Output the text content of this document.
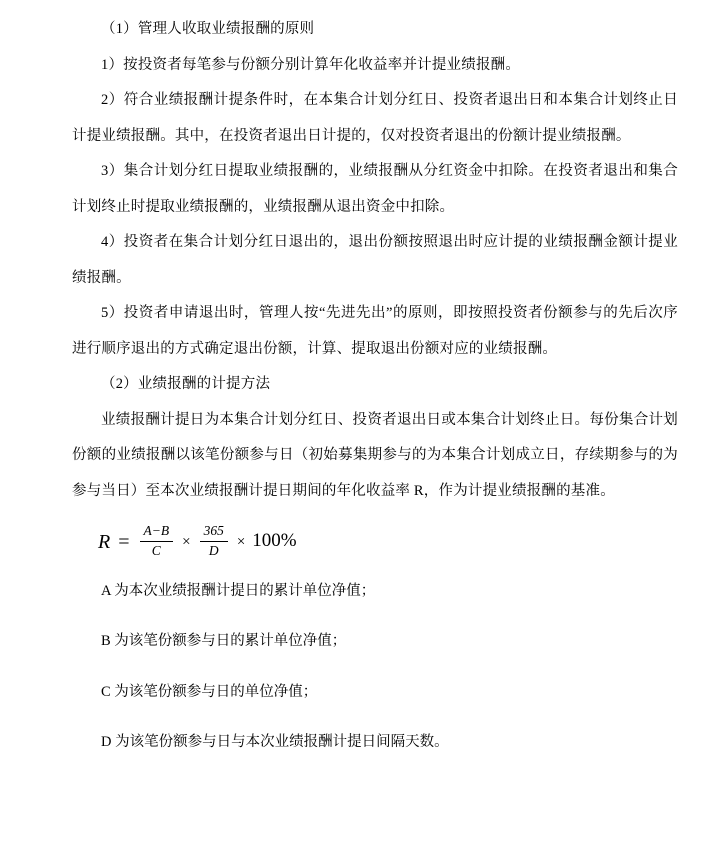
（1）管理人收取业绩报酬的原则

1）按投资者每笔参与份额分别计算年化收益率并计提业绩报酬。

2）符合业绩报酬计提条件时，在本集合计划分红日、投资者退出日和本集合计划终止日计提业绩报酬。其中，在投资者退出日计提的，仅对投资者退出的份额计提业绩报酬。

3）集合计划分红日提取业绩报酬的，业绩报酬从分红资金中扣除。在投资者退出和集合计划终止时提取业绩报酬的，业绩报酬从退出资金中扣除。

4）投资者在集合计划分红日退出的，退出份额按照退出时应计提的业绩报酬金额计提业绩报酬。

5）投资者申请退出时，管理人按“先进先出”的原则，即按照投资者份额参与的先后次序进行顺序退出的方式确定退出份额，计算、提取退出份额对应的业绩报酬。

（2）业绩报酬的计提方法

业绩报酬计提日为本集合计划分红日、投资者退出日或本集合计划终止日。每份集合计划份额的业绩报酬以该笔份额参与日（初始募集期参与的为本集合计划成立日，存续期参与的为参与当日）至本次业绩报酬计提日期间的年化收益率 R，作为计提业绩报酬的基准。

$R = \frac{A-B}{C} \times \frac{365}{D} \times 100\%$

A 为本次业绩报酬计提日的累计单位净值；

B 为该笔份额参与日的累计单位净值；

C 为该笔份额参与日的单位净值；

D 为该笔份额参与日与本次业绩报酬计提日间隔天数。
